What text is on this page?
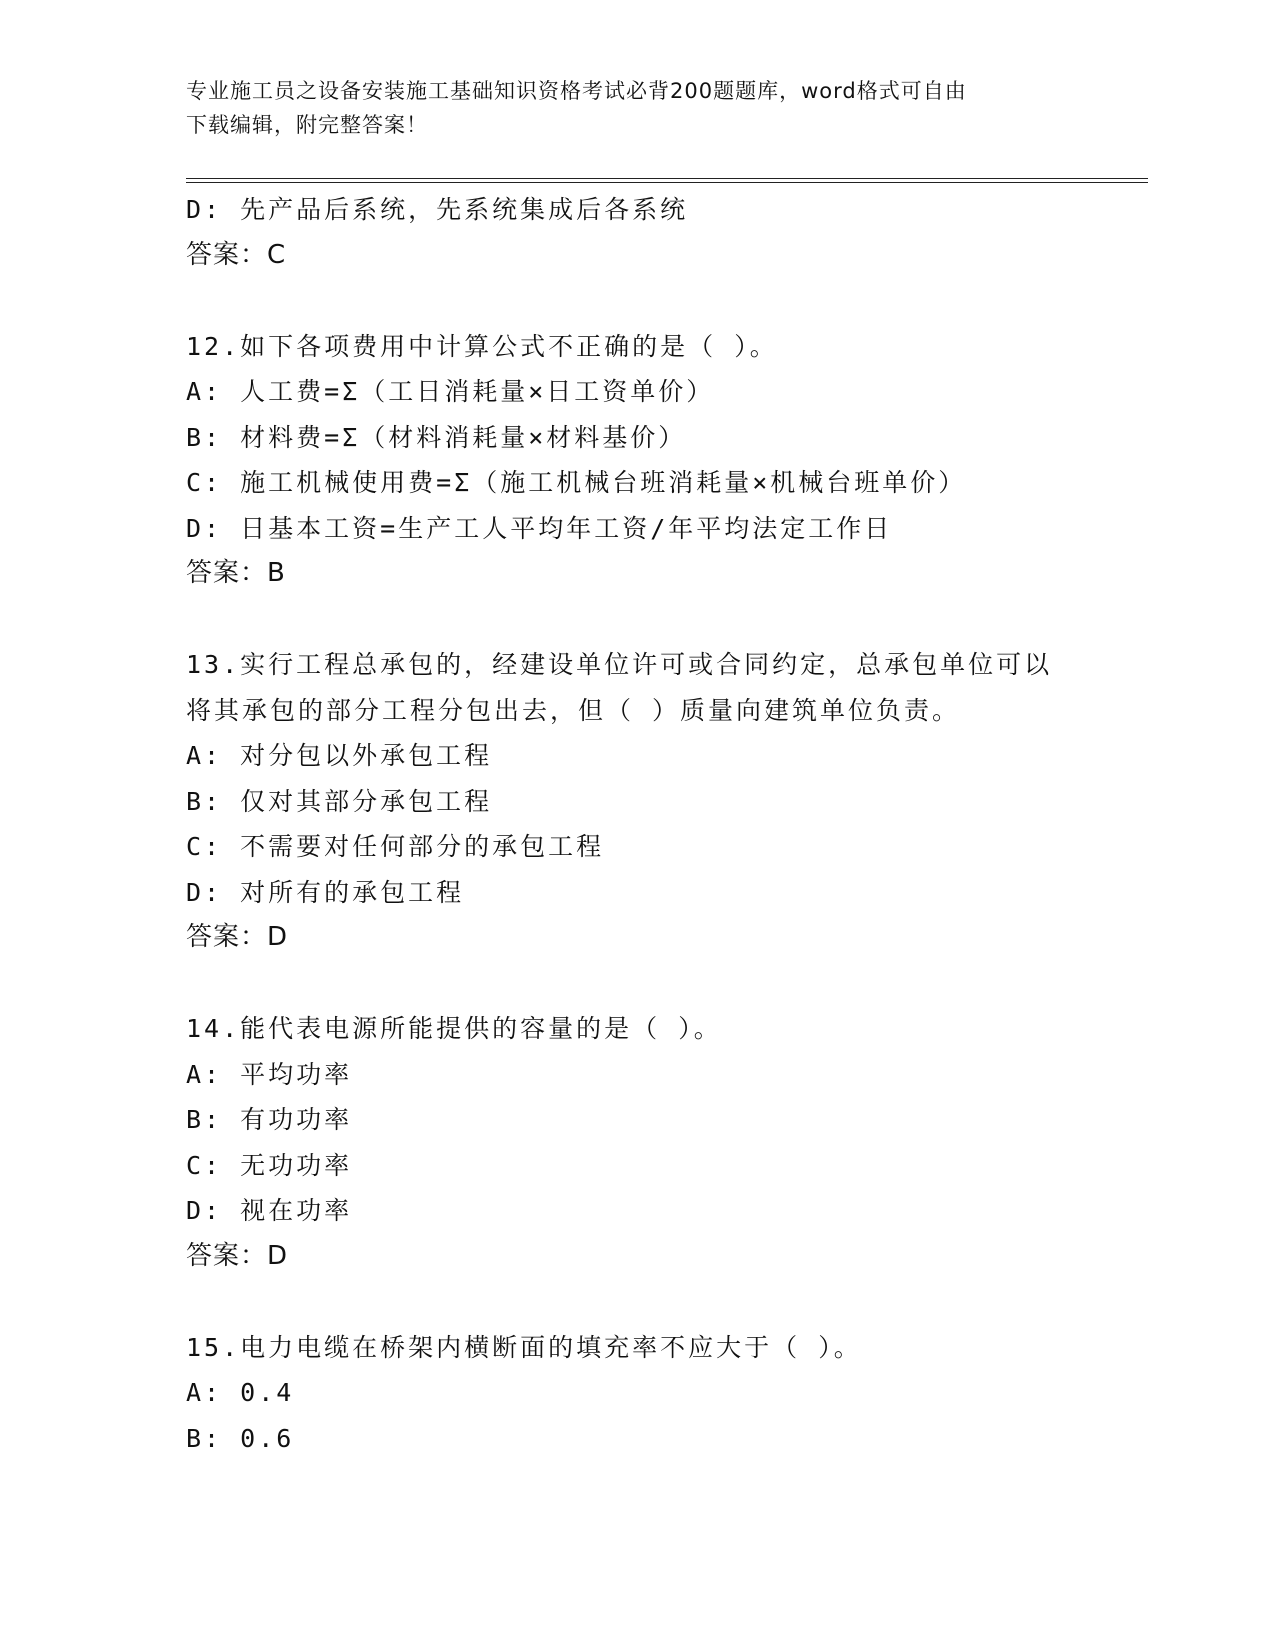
专业施工员之设备安装施工基础知识资格考试必背200题题库，word格式可自由
下载编辑，附完整答案！
D: 先产品后系统，先系统集成后各系统
答案：C
12.如下各项费用中计算公式不正确的是（ ）。
A: 人工费=Σ（工日消耗量×日工资单价）
B: 材料费=Σ（材料消耗量×材料基价）
C: 施工机械使用费=Σ（施工机械台班消耗量×机械台班单价）
D: 日基本工资=生产工人平均年工资/年平均法定工作日
答案：B
13.实行工程总承包的，经建设单位许可或合同约定，总承包单位可以
将其承包的部分工程分包出去，但（ ）质量向建筑单位负责。
A: 对分包以外承包工程
B: 仅对其部分承包工程
C: 不需要对任何部分的承包工程
D: 对所有的承包工程
答案：D
14.能代表电源所能提供的容量的是（ ）。
A: 平均功率
B: 有功功率
C: 无功功率
D: 视在功率
答案：D
15.电力电缆在桥架内横断面的填充率不应大于（ ）。
A: 0.4
B: 0.6
